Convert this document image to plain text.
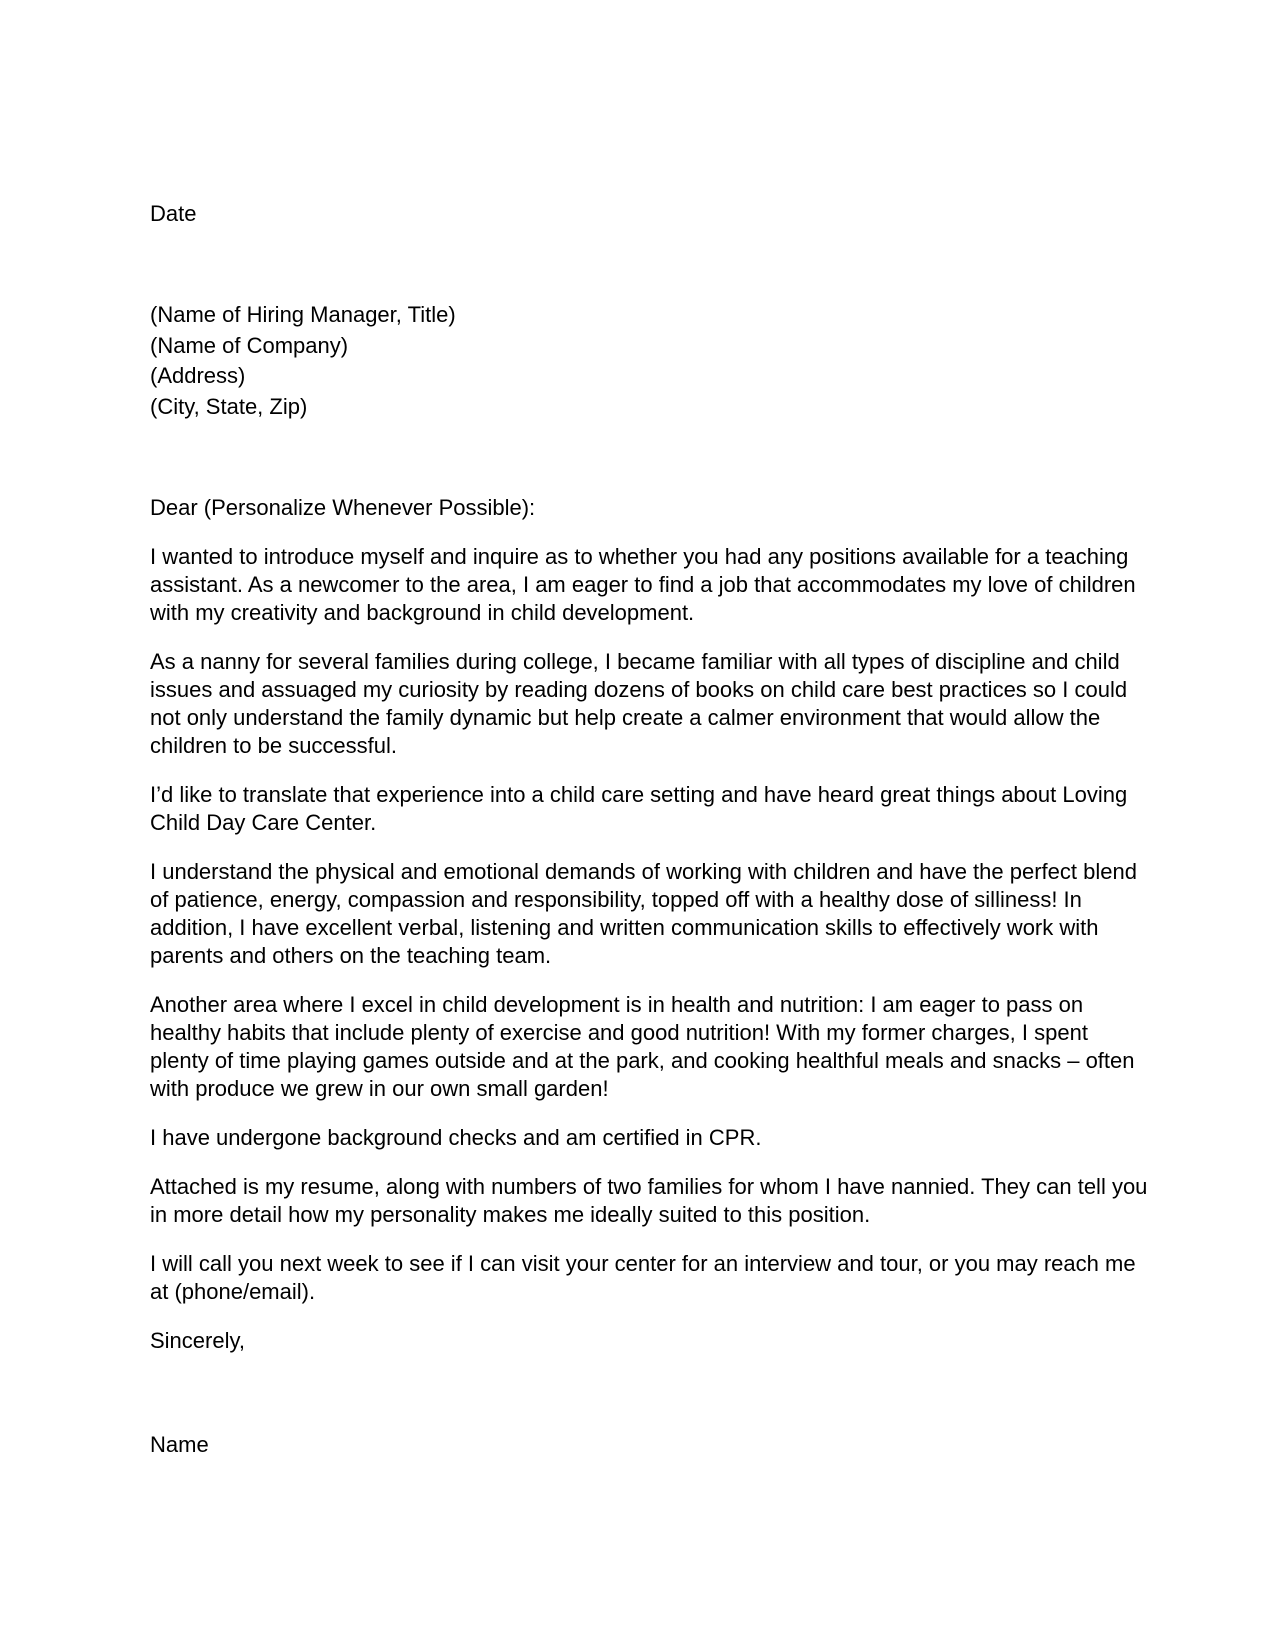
Date

(Name of Hiring Manager, Title)

(Name of Company)

(Address)

(City, State, Zip)

Dear (Personalize Whenever Possible):

I wanted to introduce myself and inquire as to whether you had any positions available for a teaching assistant. As a newcomer to the area, I am eager to find a job that accommodates my love of children with my creativity and background in child development.

As a nanny for several families during college, I became familiar with all types of discipline and child issues and assuaged my curiosity by reading dozens of books on child care best practices so I could not only understand the family dynamic but help create a calmer environment that would allow the children to be successful.

I’d like to translate that experience into a child care setting and have heard great things about Loving Child Day Care Center.

I understand the physical and emotional demands of working with children and have the perfect blend of patience, energy, compassion and responsibility, topped off with a healthy dose of silliness! In addition, I have excellent verbal, listening and written communication skills to effectively work with parents and others on the teaching team.

Another area where I excel in child development is in health and nutrition: I am eager to pass on healthy habits that include plenty of exercise and good nutrition! With my former charges, I spent plenty of time playing games outside and at the park, and cooking healthful meals and snacks – often with produce we grew in our own small garden!

I have undergone background checks and am certified in CPR.

Attached is my resume, along with numbers of two families for whom I have nannied. They can tell you in more detail how my personality makes me ideally suited to this position.

I will call you next week to see if I can visit your center for an interview and tour, or you may reach me at (phone/email).

Sincerely,

Name
